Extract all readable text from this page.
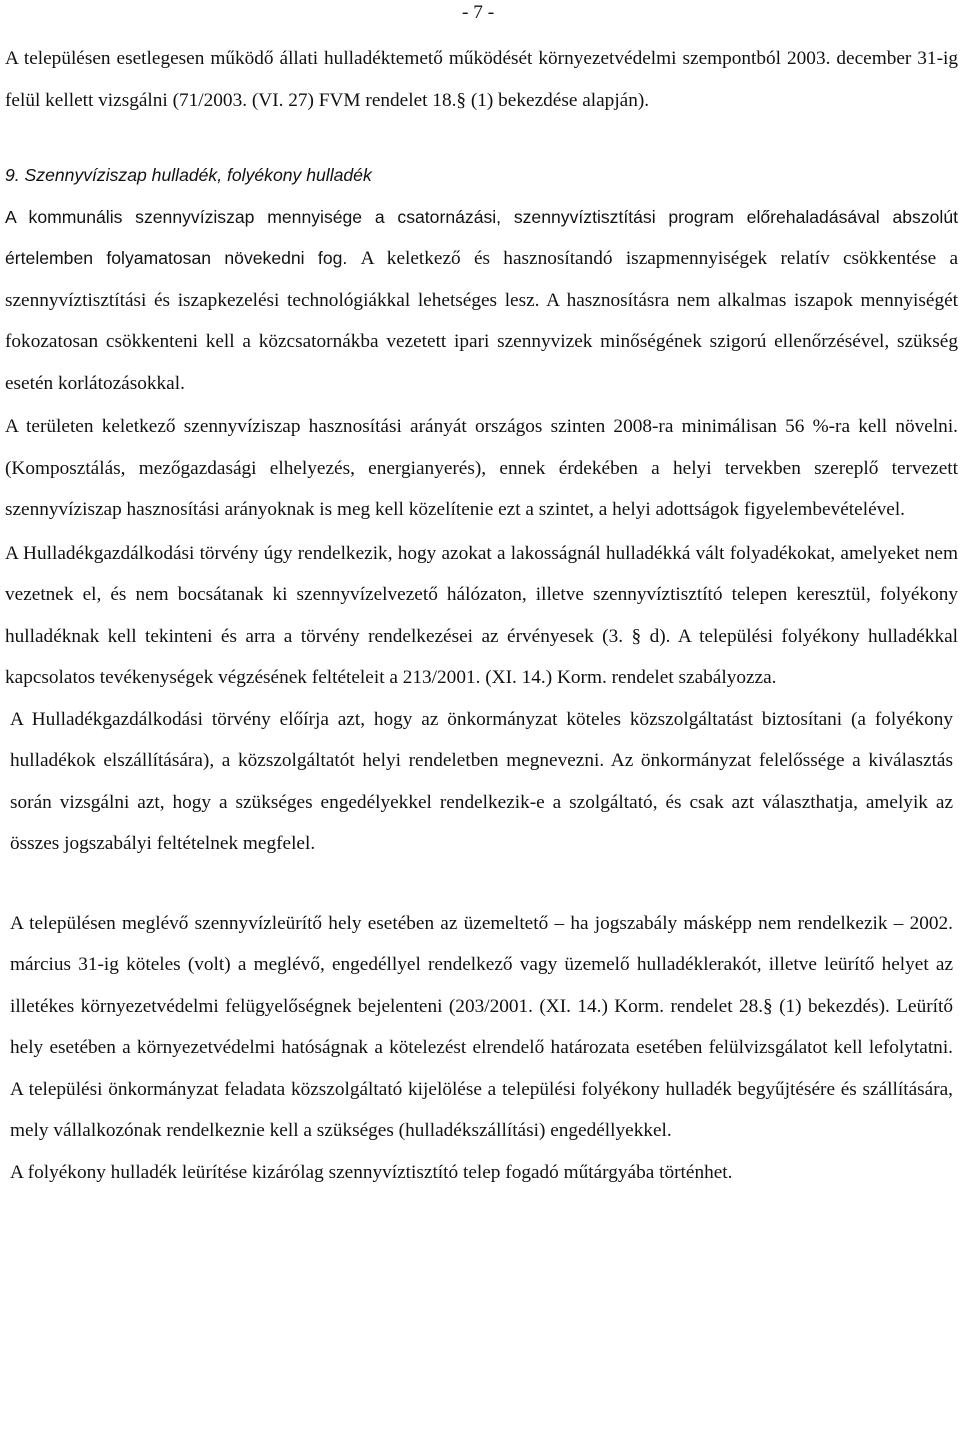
- 7 -

A településen esetlegesen működő állati hulladéktemető működését környezetvédelmi szempontból 2003. december 31-ig felül kellett vizsgálni (71/2003. (VI. 27) FVM rendelet 18.§ (1) bekezdése alapján).

9. Szennyvíziszap hulladék, folyékony hulladék

A kommunális szennyvíziszap mennyisége a csatornázási, szennyvíztisztítási program előrehaladásával abszolút értelemben folyamatosan növekedni fog. A keletkező és hasznosítandó iszapmennyiségek relatív csökkentése a szennyvíztisztítási és iszapkezelési technológiákkal lehetséges lesz. A hasznosításra nem alkalmas iszapok mennyiségét fokozatosan csökkenteni kell a közcsatornákba vezetett ipari szennyvizek minőségének szigorú ellenőrzésével, szükség esetén korlátozásokkal.

A területen keletkező szennyvíziszap hasznosítási arányát országos szinten 2008-ra minimálisan 56 %-ra kell növelni. (Komposztálás, mezőgazdasági elhelyezés, energianyerés), ennek érdekében a helyi tervekben szereplő tervezett szennyvíziszap hasznosítási arányoknak is meg kell közelítenie ezt a szintet, a helyi adottságok figyelembevételével.

A Hulladékgazdálkodási törvény úgy rendelkezik, hogy azokat a lakosságnál hulladékká vált folyadékokat, amelyeket nem vezetnek el, és nem bocsátanak ki szennyvízelvezető hálózaton, illetve szennyvíztisztító telepen keresztül, folyékony hulladéknak kell tekinteni és arra a törvény rendelkezései az érvényesek (3. § d). A települési folyékony hulladékkal kapcsolatos tevékenységek végzésének feltételeit a 213/2001. (XI. 14.) Korm. rendelet szabályozza.

A Hulladékgazdálkodási törvény előírja azt, hogy az önkormányzat köteles közszolgáltatást biztosítani (a folyékony hulladékok elszállítására), a közszolgáltatót helyi rendeletben megnevezni. Az önkormányzat felelőssége a kiválasztás során vizsgálni azt, hogy a szükséges engedélyekkel rendelkezik-e a szolgáltató, és csak azt választhatja, amelyik az összes jogszabályi feltételnek megfelel.

A településen meglévő szennyvízleürítő hely esetében az üzemeltető – ha jogszabály másképp nem rendelkezik – 2002. március 31-ig köteles (volt) a meglévő, engedéllyel rendelkező vagy üzemelő hulladéklerakót, illetve leürítő helyet az illetékes környezetvédelmi felügyelőségnek bejelenteni (203/2001. (XI. 14.) Korm. rendelet 28.§ (1) bekezdés). Leürítő hely esetében a környezetvédelmi hatóságnak a kötelezést elrendelő határozata esetében felülvizsgálatot kell lefolytatni. A települési önkormányzat feladata közszolgáltató kijelölése a települési folyékony hulladék begyűjtésére és szállítására, mely vállalkozónak rendelkeznie kell a szükséges (hulladékszállítási) engedéllyekkel.

A folyékony hulladék leürítése kizárólag szennyvíztisztító telep fogadó műtárgyába történhet.
